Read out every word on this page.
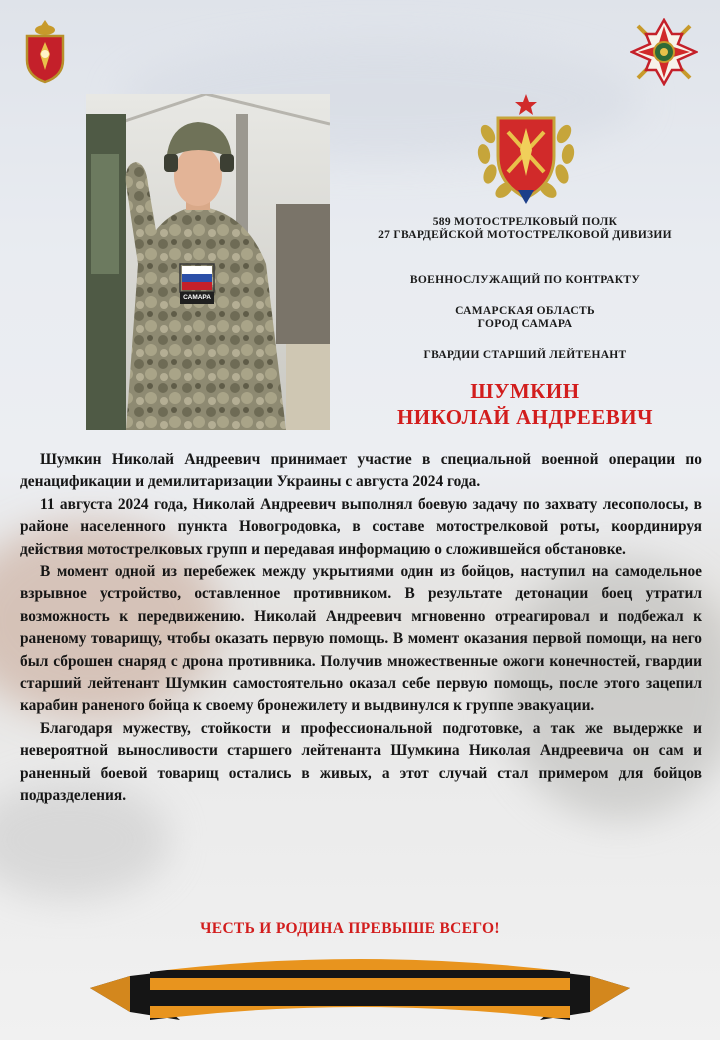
САМАРА
589 МОТОСТРЕЛКОВЫЙ ПОЛК
27 ГВАРДЕЙСКОЙ МОТОСТРЕЛКОВОЙ ДИВИЗИИ
ВОЕННОСЛУЖАЩИЙ ПО КОНТРАКТУ
САМАРСКАЯ ОБЛАСТЬ
ГОРОД САМАРА
ГВАРДИИ СТАРШИЙ ЛЕЙТЕНАНТ
ШУМКИН
НИКОЛАЙ АНДРЕЕВИЧ

Шумкин Николай Андреевич принимает участие в специальной военной операции по денацификации и демилитаризации Украины с августа 2024 года.

11 августа 2024 года, Николай Андреевич выполнял боевую задачу по захвату лесополосы, в районе населенного пункта Новогродовка, в составе мотострелковой роты, координируя действия мотострелковых групп и передавая информацию о сложившейся обстановке.

В момент одной из перебежек между укрытиями один из бойцов, наступил на самодельное взрывное устройство, оставленное противником. В результате детонации боец утратил возможность к передвижению. Николай Андреевич мгновенно отреагировал и подбежал к раненому товарищу, чтобы оказать первую помощь. В момент оказания первой помощи, на него был сброшен снаряд с дрона противника. Получив множественные ожоги конечностей, гвардии старший лейтенант Шумкин самостоятельно оказал себе первую помощь, после этого зацепил карабин раненого бойца к своему бронежилету и выдвинулся к группе эвакуации.

Благодаря мужеству, стойкости и профессиональной подготовке, а так же выдержке и невероятной выносливости старшего лейтенанта Шумкина Николая Андреевича он сам и раненный боевой товарищ остались в живых, а этот случай стал примером для бойцов подразделения.

ЧЕСТЬ И РОДИНА ПРЕВЫШЕ ВСЕГО!
